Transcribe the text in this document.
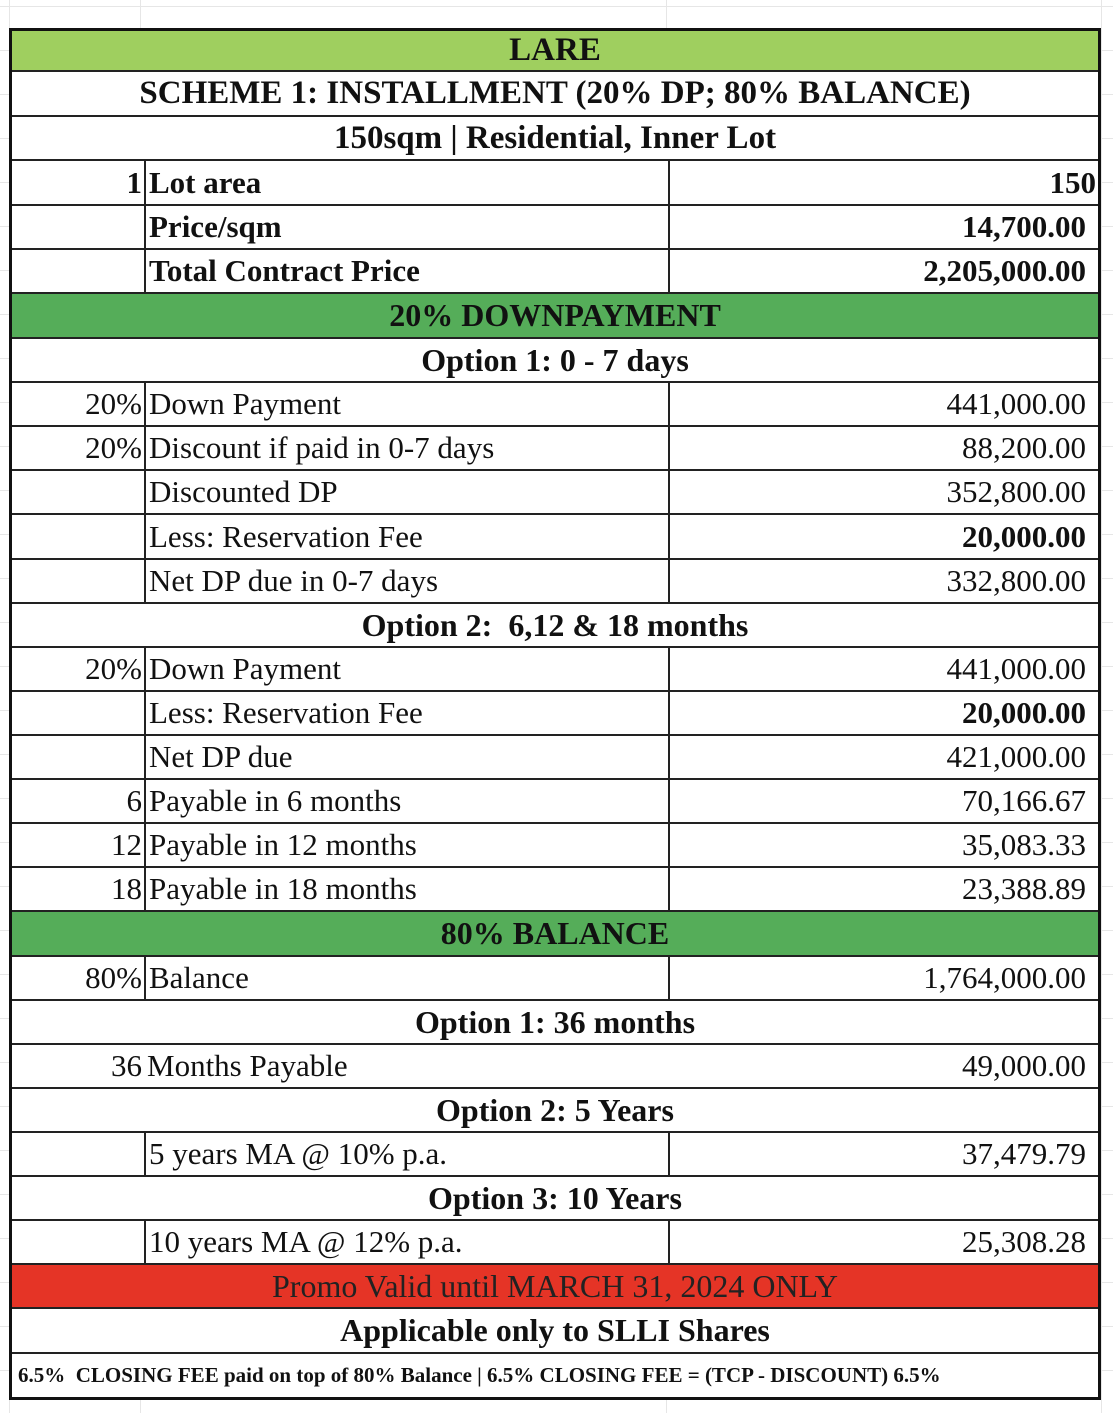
LARE
SCHEME 1: INSTALLMENT (20% DP; 80% BALANCE)
150sqm | Residential, Inner Lot
1 Lot area	150
Price/sqm	14,700.00
Total Contract Price	2,205,000.00
20% DOWNPAYMENT
Option 1: 0 - 7 days
20% Down Payment	441,000.00
20% Discount if paid in 0-7 days	88,200.00
Discounted DP	352,800.00
Less: Reservation Fee	20,000.00
Net DP due in 0-7 days	332,800.00
Option 2:  6,12 & 18 months
20% Down Payment	441,000.00
Less: Reservation Fee	20,000.00
Net DP due	421,000.00
6 Payable in 6 months	70,166.67
12 Payable in 12 months	35,083.33
18 Payable in 18 months	23,388.89
80% BALANCE
80% Balance	1,764,000.00
Option 1: 36 months
36 Months Payable	49,000.00
Option 2: 5 Years
5 years MA @ 10% p.a.	37,479.79
Option 3: 10 Years
10 years MA @ 12% p.a.	25,308.28
Promo Valid until MARCH 31, 2024 ONLY
Applicable only to SLLI Shares
6.5%  CLOSING FEE paid on top of 80% Balance | 6.5% CLOSING FEE = (TCP - DISCOUNT) 6.5%
